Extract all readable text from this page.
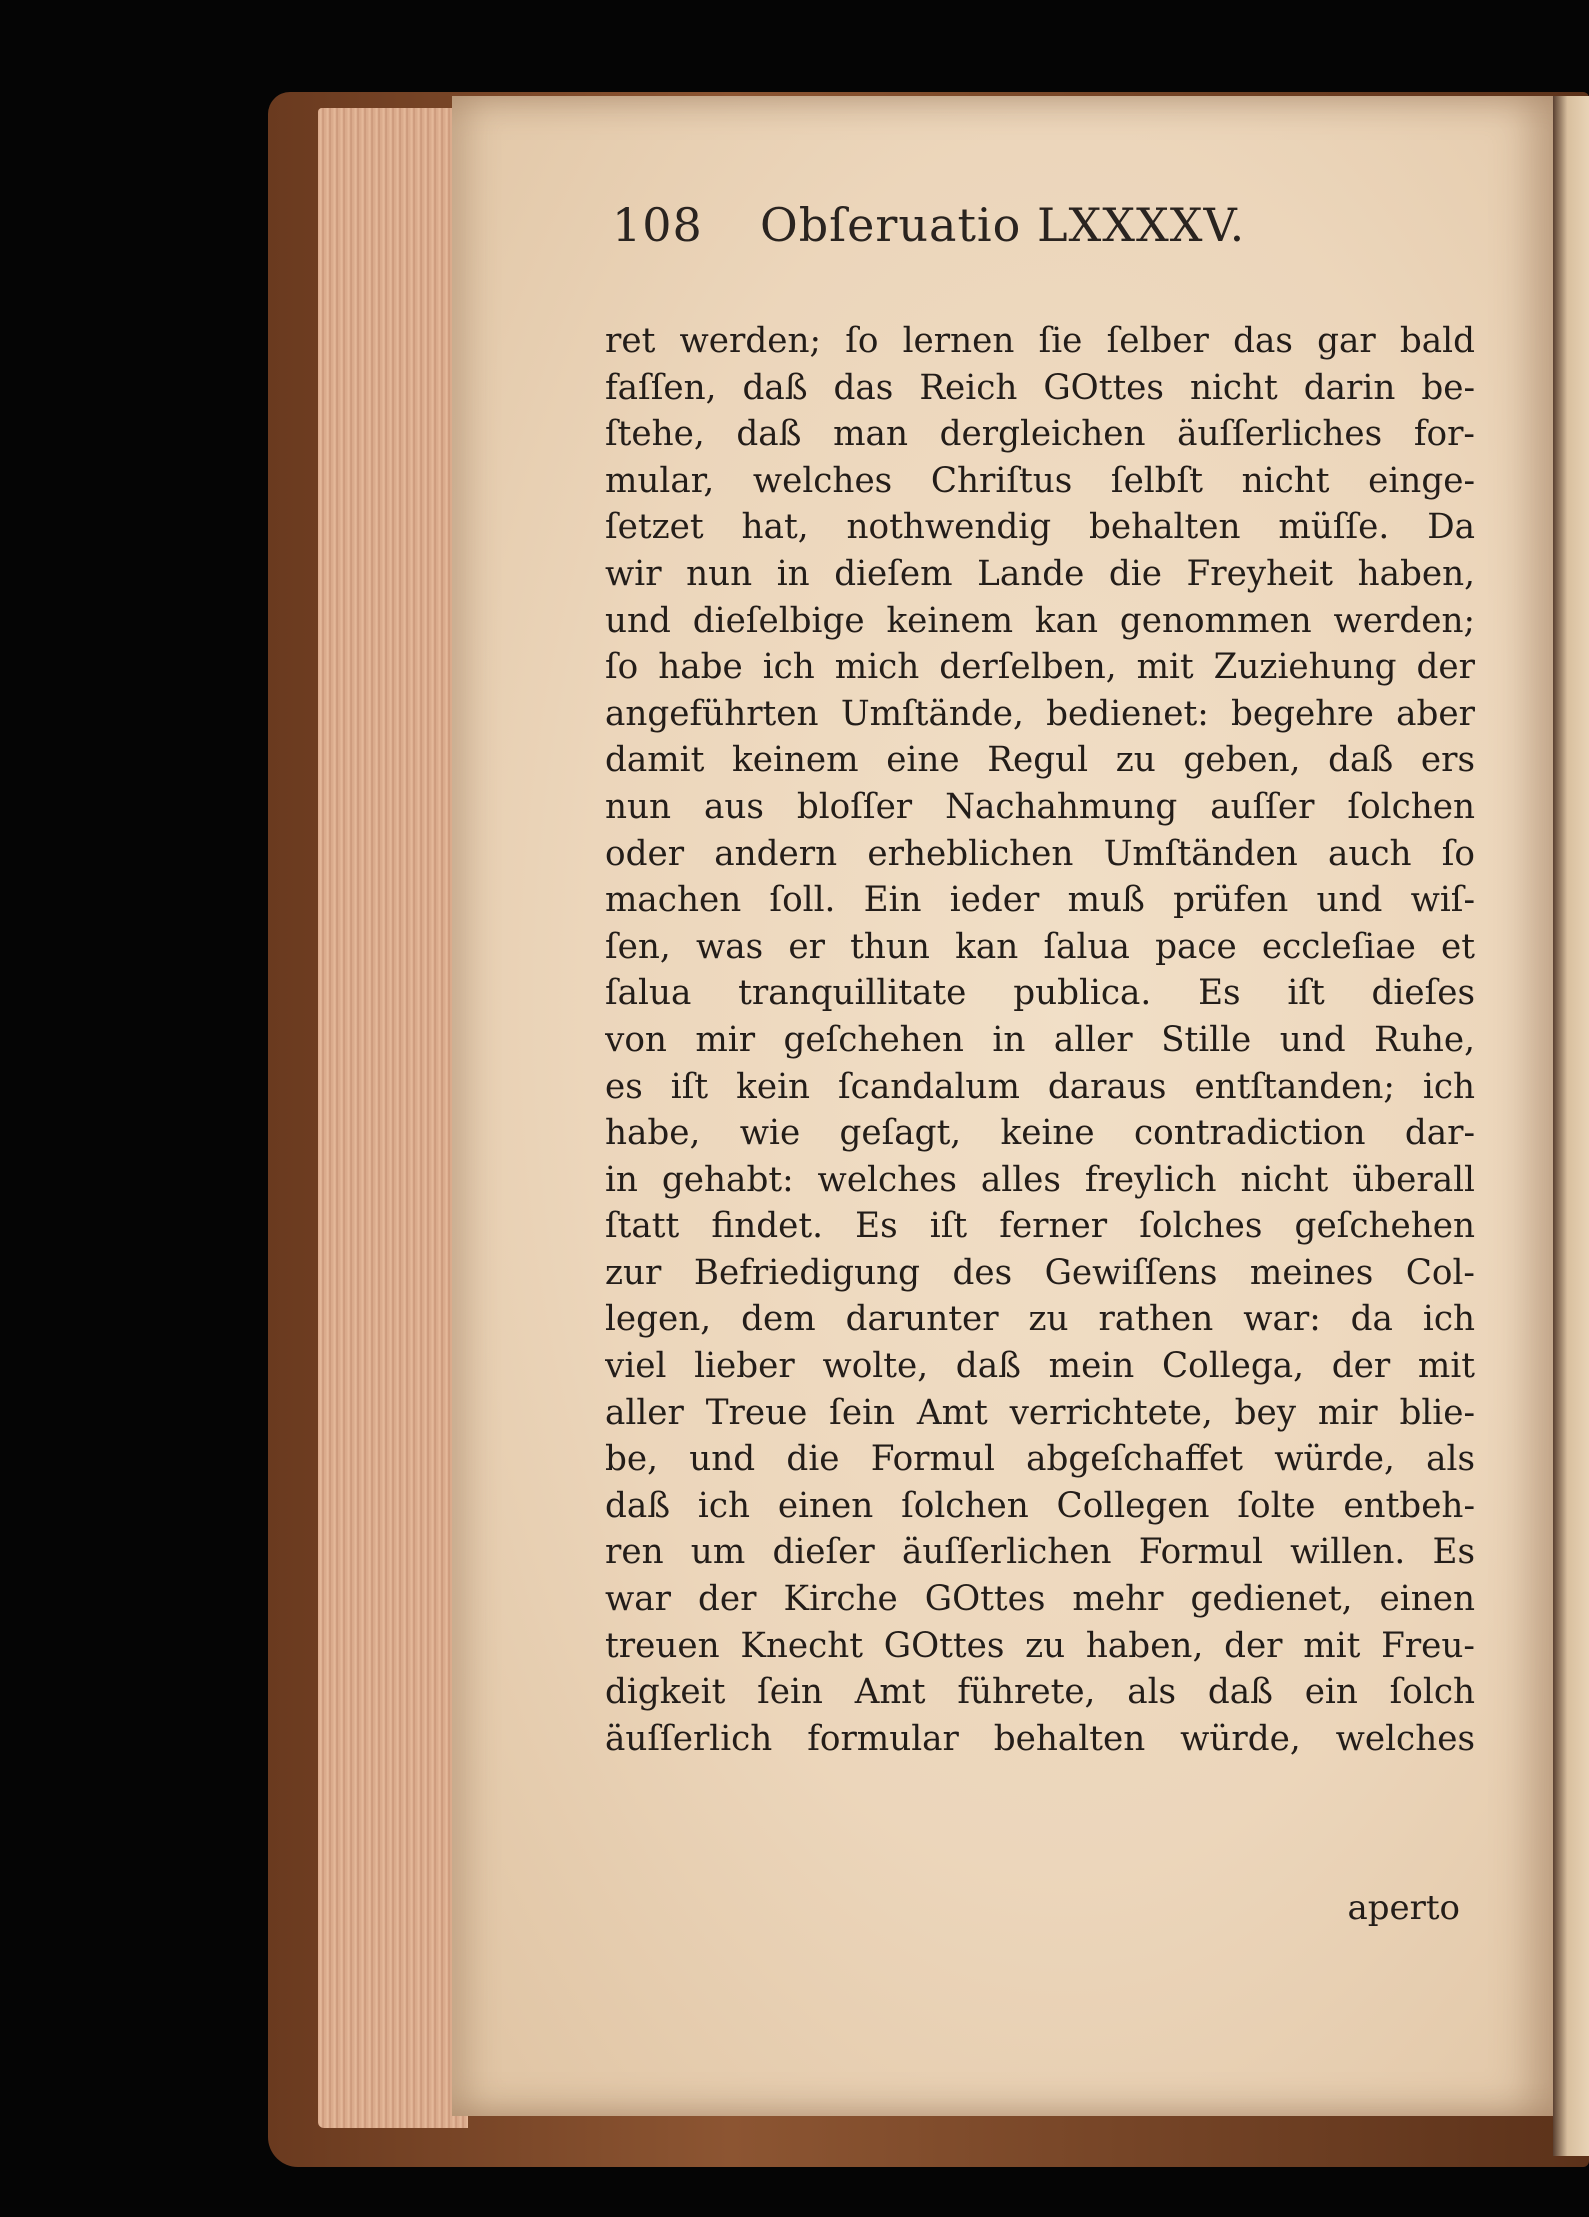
108 Obſeruatio LXXXXV.
ret werden; ſo lernen ſie ſelber das gar bald
faſſen, daß das Reich GOttes nicht darin be-
ſtehe, daß man dergleichen äuſſerliches for-
mular, welches Chriſtus ſelbſt nicht einge-
ſetzet hat, nothwendig behalten müſſe. Da
wir nun in dieſem Lande die Freyheit haben,
und dieſelbige keinem kan genommen werden;
ſo habe ich mich derſelben, mit Zuziehung der
angeführten Umſtände, bedienet: begehre aber
damit keinem eine Regul zu geben, daß ers
nun aus bloſſer Nachahmung auſſer ſolchen
oder andern erheblichen Umſtänden auch ſo
machen ſoll. Ein ieder muß prüfen und wiſ-
ſen, was er thun kan ſalua pace eccleſiae et
ſalua tranquillitate publica. Es iſt dieſes
von mir geſchehen in aller Stille und Ruhe,
es iſt kein ſcandalum daraus entſtanden; ich
habe, wie geſagt, keine contradiction dar-
in gehabt: welches alles freylich nicht überall
ſtatt findet. Es iſt ferner ſolches geſchehen
zur Befriedigung des Gewiſſens meines Col-
legen, dem darunter zu rathen war: da ich
viel lieber wolte, daß mein Collega, der mit
aller Treue ſein Amt verrichtete, bey mir blie-
be, und die Formul abgeſchaffet würde, als
daß ich einen ſolchen Collegen ſolte entbeh-
ren um dieſer äuſſerlichen Formul willen. Es
war der Kirche GOttes mehr gedienet, einen
treuen Knecht GOttes zu haben, der mit Freu-
digkeit ſein Amt führete, als daß ein ſolch
äuſſerlich formular behalten würde, welches
aperto
